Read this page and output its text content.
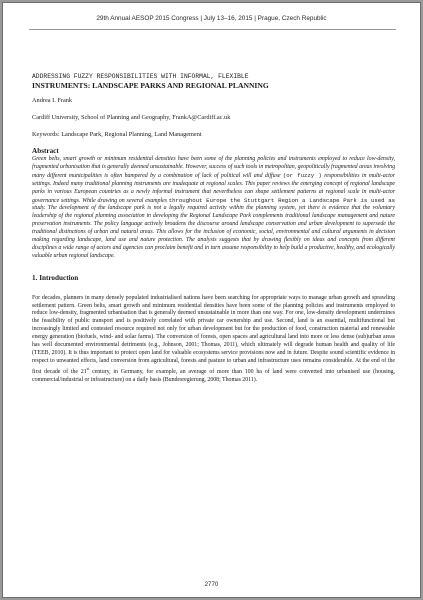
29th Annual AESOP 2015 Congress | July 13–16, 2015 | Prague, Czech Republic
ADDRESSING FUZZY RESPONSIBILITIES WITH INFORMAL, FLEXIBLE
INSTRUMENTS: LANDSCAPE PARKS AND REGIONAL PLANNING
Andrea I. Frank
Cardiff University, School of Planning and Geography, FrankA@Cardiff.ac.uk
Keywords: Landscape Park, Regional Planning, Land Management
Abstract

Green belts, smart growth or minimum residential densities have been some of the planning policies and instruments employed to reduce low-density, fragmented urbanisation that is generally deemed unsustainable. However, success of such tools in metropolitan, geopolitically fragmented areas involving many different municipalities is often hampered by a combination of lack of political will and diffuse (or fuzzy ) responsibilities in multi-actor settings. Indeed many traditional planning instruments are inadequate at regional scales. This paper reviews the emerging concept of regional landscape parks in various European countries as a newly informal instrument that nevertheless can shape settlement patterns at regional scale in multi-actor governance settings. While drawing on several examples throughout Europe the Stuttgart Region a Landscape Park is used as study. The development of the landscape park is not a legally required activity within the planning system, yet there is evidence that the voluntary leadership of the regional planning association in developing the Regional Landscape Park complements traditional landscape management and nature preservation instruments. The policy language actively broadens the discourse around landscape conservation and urban development to supersede the traditional distinctions of urban and natural areas. This allows for the inclusion of economic, social, environmental and cultural arguments in decision making regarding landscape, land use and nature protection. The analysis suggests that by drawing flexibly on ideas and concepts from different disciplines a wide range of actors and agencies can proclaim benefit and in turn assume responsibility to help build a productive, healthy, and ecologically valuable urban regional landscape.

1. Introduction

For decades, planners in many densely populated industrialised nations have been searching for appropriate ways to manage urban growth and sprawling settlement pattern. Green belts, smart growth and minimum residential densities have been some of the planning policies and instruments employed to reduce low-density, fragmented urbanisation that is generally deemed unsustainable in more than one way. For one, low-density development undermines the feasibility of public transport and is positively correlated with private car ownership and use. Second, land is an essential, multifunctional but increasingly limited and contested resource required not only for urban development but for the production of food, construction material and renewable energy generation (biofuels, wind- and solar farms). The conversion of forests, open spaces and agricultural land into more or less dense (sub)urban areas has well documented environmental detriments (e.g., Johnson, 2001; Thomas, 2011), which ultimately will degrade human health and quality of life (TEEB, 2010). It is thus important to protect open land for valuable ecosystems service provisions now and in future. Despite sound scientific evidence in respect to unwanted effects, land conversion from agricultural, forests and pasture to urban and infrastructure uses remains considerable. At the end of the first decade of the 21st century, in Germany, for example, an average of more than 100 ha of land were converted into urbanised use (housing, commercial/industrial or infrastructure) on a daily basis (Bundesregierung, 2008; Thomas 2011).

2770
